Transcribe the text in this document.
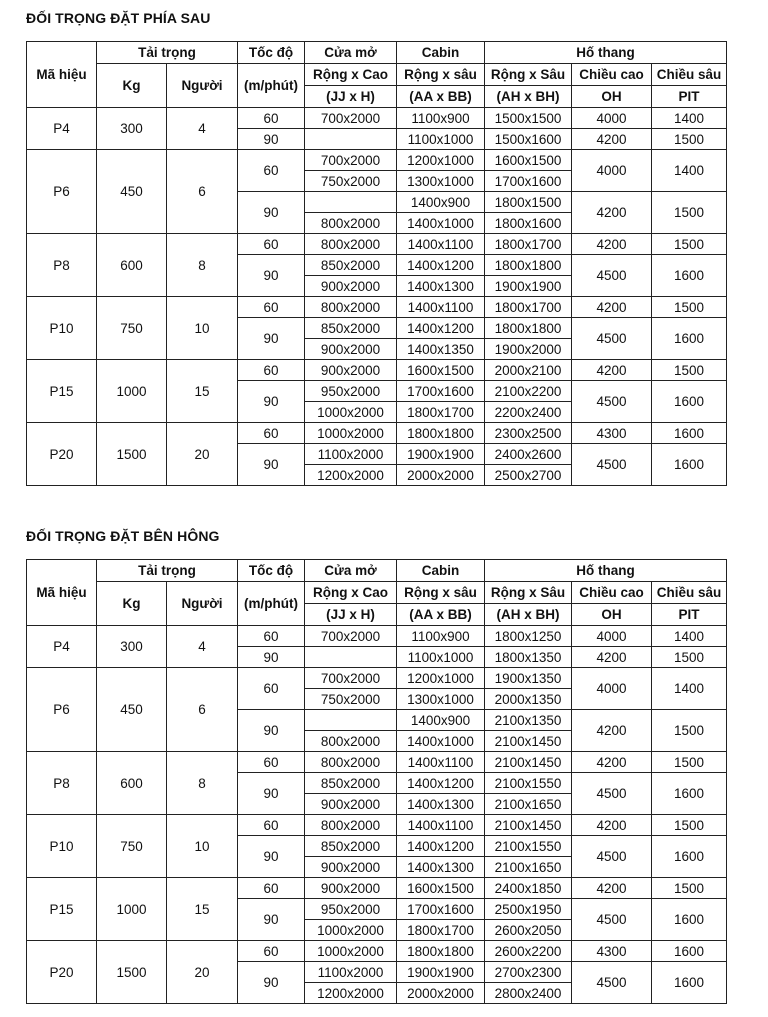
ĐỐI TRỌNG ĐẶT PHÍA SAU
Mã hiệu	Tải trọng		Tốc độ	Cửa mở	Cabin	Hố thang		
	Kg	Người	(m/phút)	Rộng x Cao	Rộng x sâu	Rộng x Sâu	Chiều cao	Chiều sâu
				(JJ x H)	(AA x BB)	(AH x BH)	OH	PIT
P4	300	4	60	700x2000	1100x900	1500x1500	4000	1400
			90		1100x1000	1500x1600	4200	1500
P6	450	6	60	700x2000	1200x1000	1600x1500	4000	1400
				750x2000	1300x1000	1700x1600		
			90		1400x900	1800x1500	4200	1500
				800x2000	1400x1000	1800x1600		
P8	600	8	60	800x2000	1400x1100	1800x1700	4200	1500
			90	850x2000	1400x1200	1800x1800	4500	1600
				900x2000	1400x1300	1900x1900		
P10	750	10	60	800x2000	1400x1100	1800x1700	4200	1500
			90	850x2000	1400x1200	1800x1800	4500	1600
				900x2000	1400x1350	1900x2000		
P15	1000	15	60	900x2000	1600x1500	2000x2100	4200	1500
			90	950x2000	1700x1600	2100x2200	4500	1600
				1000x2000	1800x1700	2200x2400		
P20	1500	20	60	1000x2000	1800x1800	2300x2500	4300	1600
			90	1100x2000	1900x1900	2400x2600	4500	1600
				1200x2000	2000x2000	2500x2700		
ĐỐI TRỌNG ĐẶT BÊN HÔNG
Mã hiệu	Tải trọng		Tốc độ	Cửa mở	Cabin	Hố thang		
	Kg	Người	(m/phút)	Rộng x Cao	Rộng x sâu	Rộng x Sâu	Chiều cao	Chiều sâu
				(JJ x H)	(AA x BB)	(AH x BH)	OH	PIT
P4	300	4	60	700x2000	1100x900	1800x1250	4000	1400
			90		1100x1000	1800x1350	4200	1500
P6	450	6	60	700x2000	1200x1000	1900x1350	4000	1400
				750x2000	1300x1000	2000x1350		
			90		1400x900	2100x1350	4200	1500
				800x2000	1400x1000	2100x1450		
P8	600	8	60	800x2000	1400x1100	2100x1450	4200	1500
			90	850x2000	1400x1200	2100x1550	4500	1600
				900x2000	1400x1300	2100x1650		
P10	750	10	60	800x2000	1400x1100	2100x1450	4200	1500
			90	850x2000	1400x1200	2100x1550	4500	1600
				900x2000	1400x1300	2100x1650		
P15	1000	15	60	900x2000	1600x1500	2400x1850	4200	1500
			90	950x2000	1700x1600	2500x1950	4500	1600
				1000x2000	1800x1700	2600x2050		
P20	1500	20	60	1000x2000	1800x1800	2600x2200	4300	1600
			90	1100x2000	1900x1900	2700x2300	4500	1600
				1200x2000	2000x2000	2800x2400		
